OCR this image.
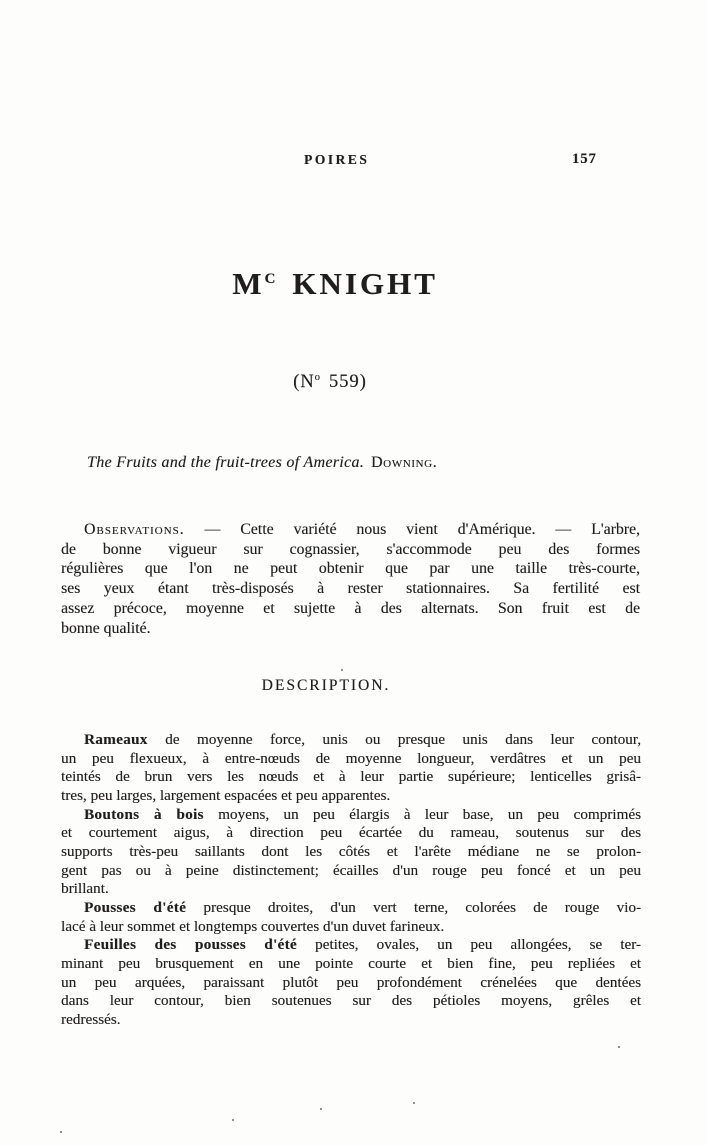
POIRES	157
M $^C$ KNIGHT
($N^o$ 559)
The Fruits and the fruit-trees of America. Downing.
Observations. — Cette variété nous vient d'Amérique. — L'arbre,
de bonne vigueur sur cognassier, s'accommode peu des formes
régulières que l'on ne peut obtenir que par une taille très-courte,
ses yeux étant très-disposés à rester stationnaires. Sa fertilité est
assez précoce, moyenne et sujette à des alternats. Son fruit est de
bonne qualité.
DESCRIPTION.
Rameaux de moyenne force, unis ou presque unis dans leur contour,
un peu flexueux, à entre-nœuds de moyenne longueur, verdâtres et un peu
teintés de brun vers les nœuds et à leur partie supérieure; lenticelles grisâ-
tres, peu larges, largement espacées et peu apparentes.
Boutons à bois moyens, un peu élargis à leur base, un peu comprimés
et courtement aigus, à direction peu écartée du rameau, soutenus sur des
supports très-peu saillants dont les côtés et l'arête médiane ne se prolon-
gent pas ou à peine distinctement; écailles d'un rouge peu foncé et un peu
brillant.
Pousses d'été presque droites, d'un vert terne, colorées de rouge vio-
lacé à leur sommet et longtemps couvertes d'un duvet farineux.
Feuilles des pousses d'été petites, ovales, un peu allongées, se ter-
minant peu brusquement en une pointe courte et bien fine, peu repliées et
un peu arquées, paraissant plutôt peu profondément crénelées que dentées
dans leur contour, bien soutenues sur des pétioles moyens, grêles et
redressés.
